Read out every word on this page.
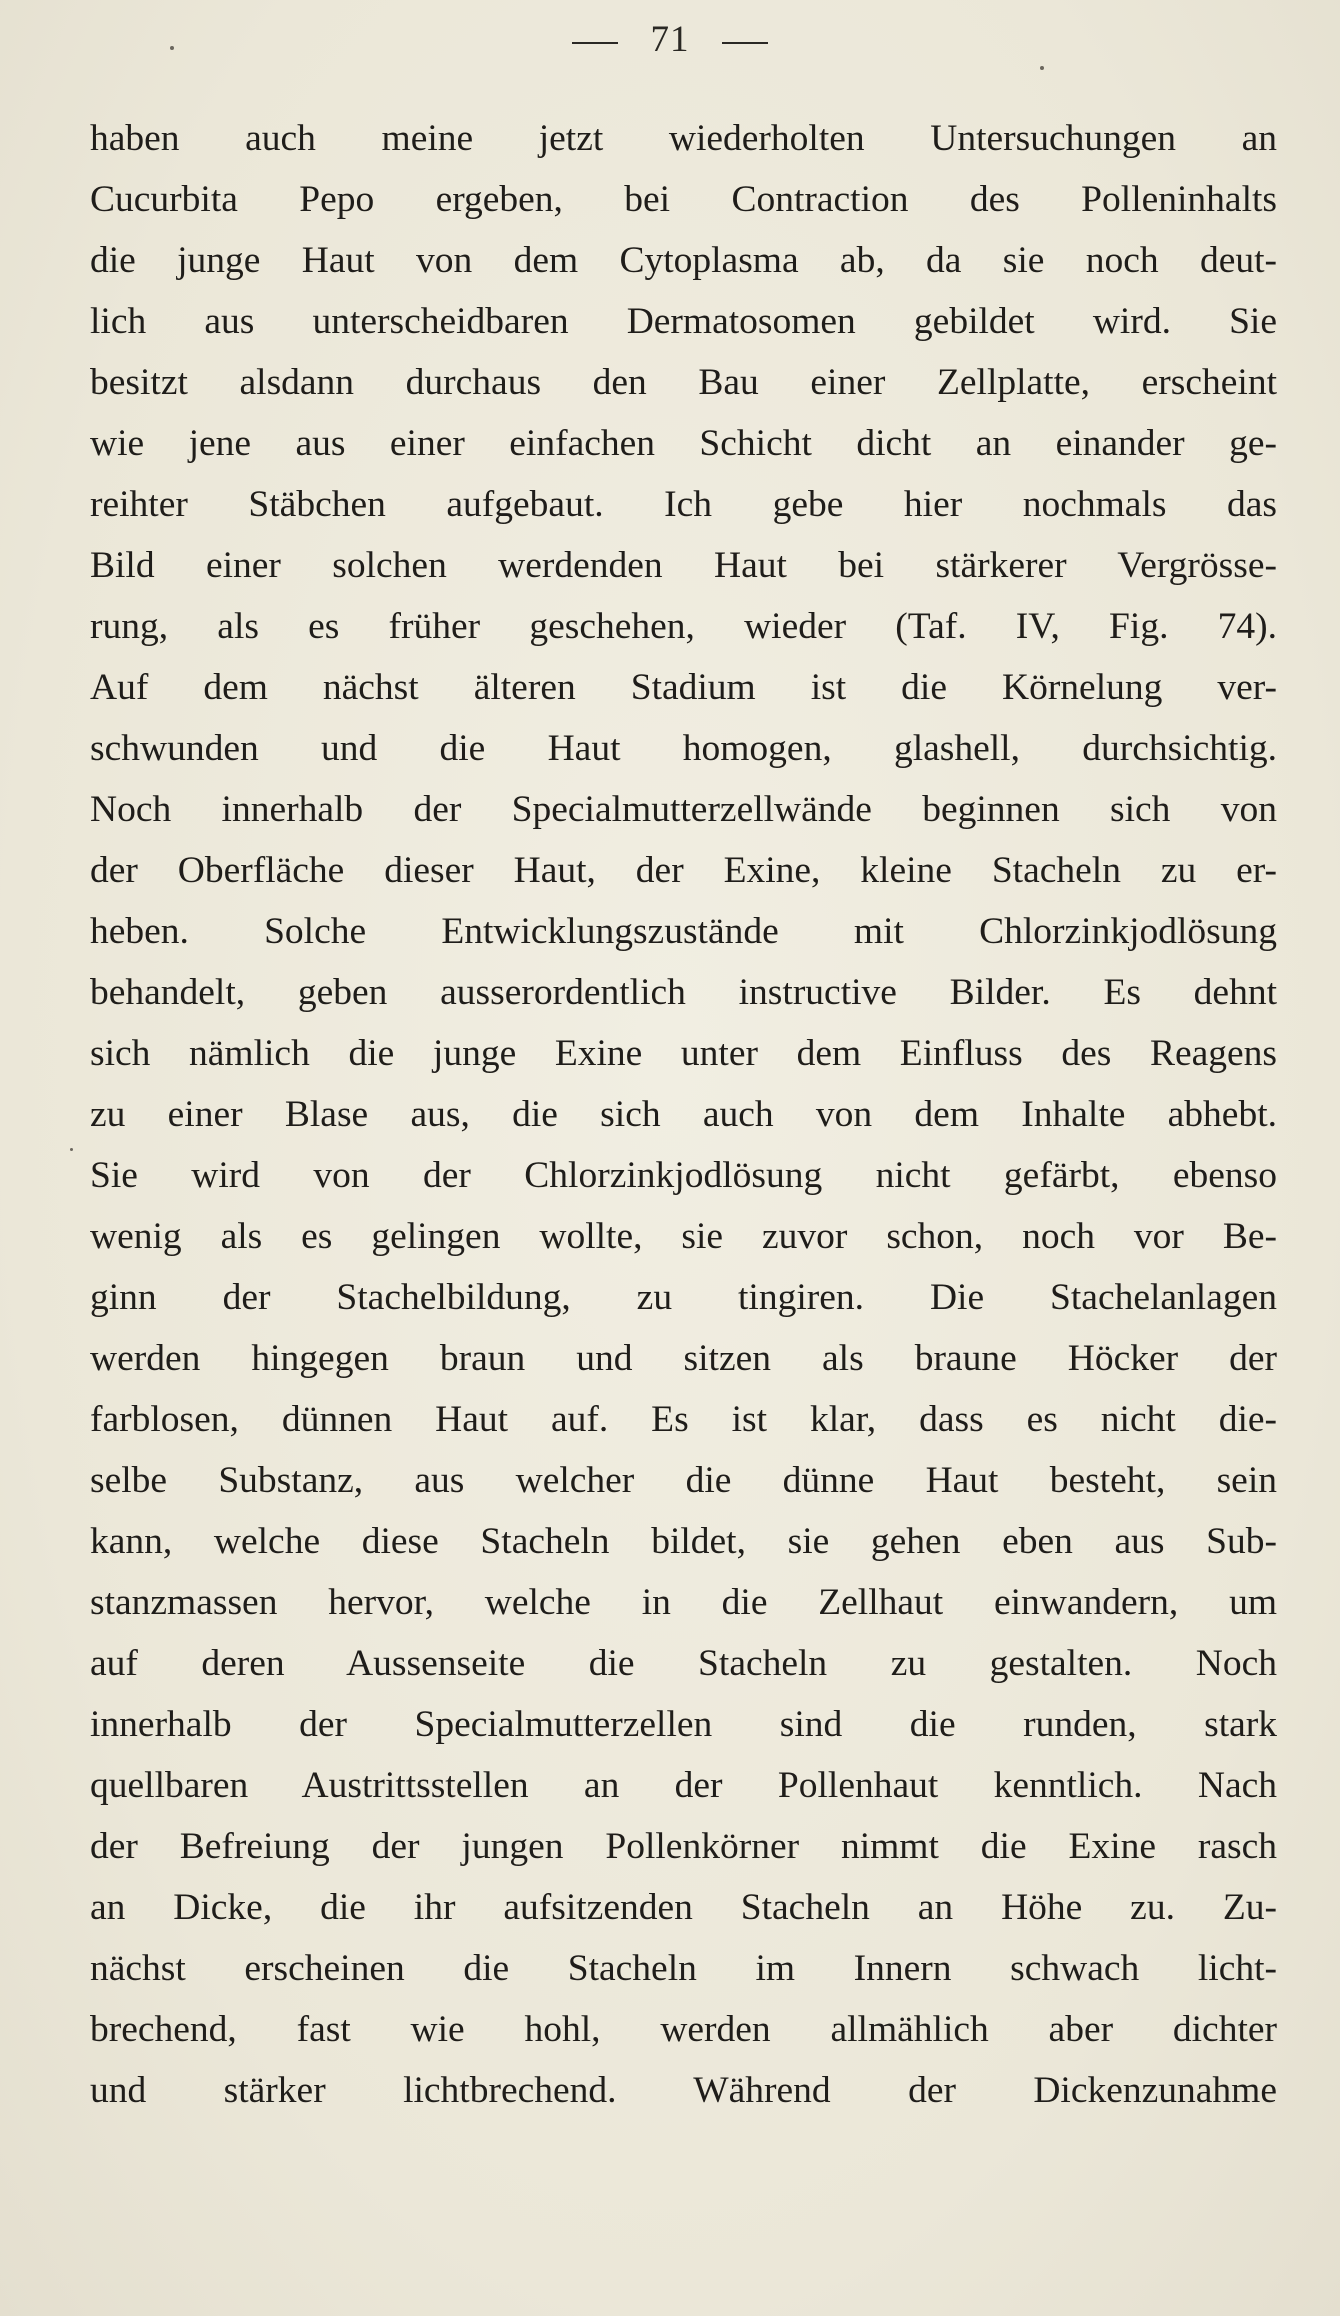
71
haben auch meine jetzt wiederholten Untersuchungen an
Cucurbita Pepo ergeben, bei Contraction des Polleninhalts
die junge Haut von dem Cytoplasma ab, da sie noch deut-
lich aus unterscheidbaren Dermatosomen gebildet wird. Sie
besitzt alsdann durchaus den Bau einer Zellplatte, erscheint
wie jene aus einer einfachen Schicht dicht an einander ge-
reihter Stäbchen aufgebaut. Ich gebe hier nochmals das
Bild einer solchen werdenden Haut bei stärkerer Vergrösse-
rung, als es früher geschehen, wieder (Taf. IV, Fig. 74).
Auf dem nächst älteren Stadium ist die Körnelung ver-
schwunden und die Haut homogen, glashell, durchsichtig.
Noch innerhalb der Specialmutterzellwände beginnen sich von
der Oberfläche dieser Haut, der Exine, kleine Stacheln zu er-
heben. Solche Entwicklungszustände mit Chlorzinkjodlösung
behandelt, geben ausserordentlich instructive Bilder. Es dehnt
sich nämlich die junge Exine unter dem Einfluss des Reagens
zu einer Blase aus, die sich auch von dem Inhalte abhebt.
Sie wird von der Chlorzinkjodlösung nicht gefärbt, ebenso
wenig als es gelingen wollte, sie zuvor schon, noch vor Be-
ginn der Stachelbildung, zu tingiren. Die Stachelanlagen
werden hingegen braun und sitzen als braune Höcker der
farblosen, dünnen Haut auf. Es ist klar, dass es nicht die-
selbe Substanz, aus welcher die dünne Haut besteht, sein
kann, welche diese Stacheln bildet, sie gehen eben aus Sub-
stanzmassen hervor, welche in die Zellhaut einwandern, um
auf deren Aussenseite die Stacheln zu gestalten. Noch
innerhalb der Specialmutterzellen sind die runden, stark
quellbaren Austrittsstellen an der Pollenhaut kenntlich. Nach
der Befreiung der jungen Pollenkörner nimmt die Exine rasch
an Dicke, die ihr aufsitzenden Stacheln an Höhe zu. Zu-
nächst erscheinen die Stacheln im Innern schwach licht-
brechend, fast wie hohl, werden allmählich aber dichter
und stärker lichtbrechend. Während der Dickenzunahme
